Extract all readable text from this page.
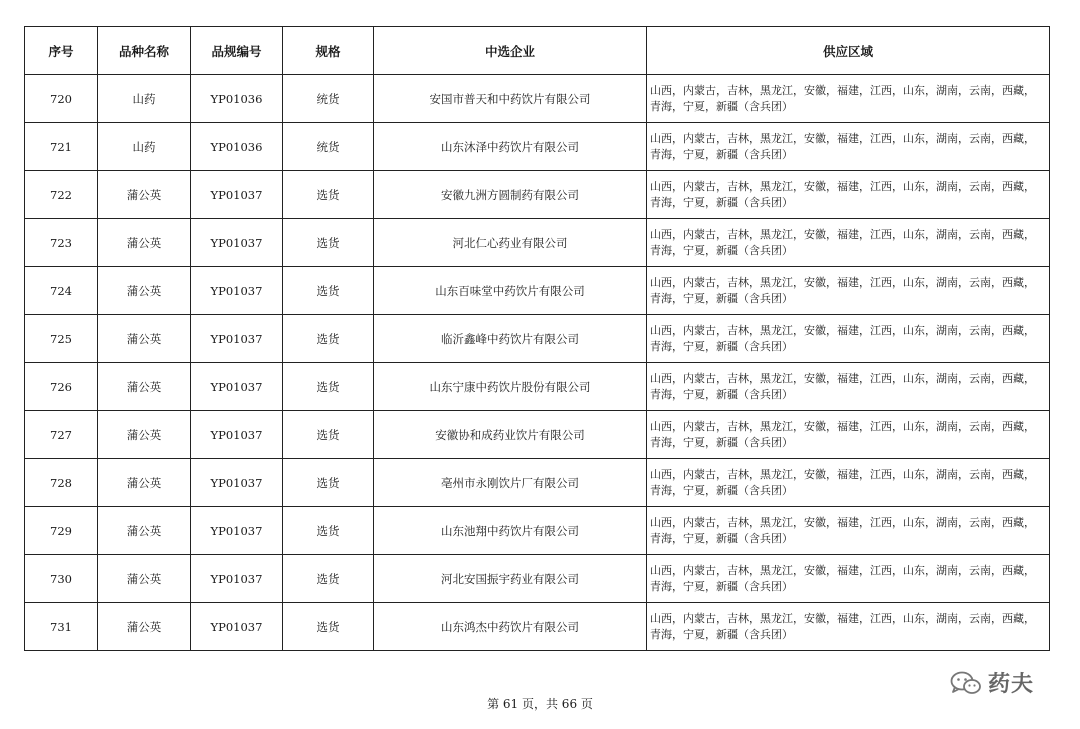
序号	品种名称	品规编号	规格	中选企业	供应区域
720	山药	YP01036	统货	安国市普天和中药饮片有限公司	山西，内蒙古，吉林，黑龙江，安徽，福建，江西，山东，湖南，云南，西藏，青海，宁夏，新疆（含兵团）
721	山药	YP01036	统货	山东沐泽中药饮片有限公司	山西，内蒙古，吉林，黑龙江，安徽，福建，江西，山东，湖南，云南，西藏，青海，宁夏，新疆（含兵团）
722	蒲公英	YP01037	选货	安徽九洲方圆制药有限公司	山西，内蒙古，吉林，黑龙江，安徽，福建，江西，山东，湖南，云南，西藏，青海，宁夏，新疆（含兵团）
723	蒲公英	YP01037	选货	河北仁心药业有限公司	山西，内蒙古，吉林，黑龙江，安徽，福建，江西，山东，湖南，云南，西藏，青海，宁夏，新疆（含兵团）
724	蒲公英	YP01037	选货	山东百味堂中药饮片有限公司	山西，内蒙古，吉林，黑龙江，安徽，福建，江西，山东，湖南，云南，西藏，青海，宁夏，新疆（含兵团）
725	蒲公英	YP01037	选货	临沂鑫峰中药饮片有限公司	山西，内蒙古，吉林，黑龙江，安徽，福建，江西，山东，湖南，云南，西藏，青海，宁夏，新疆（含兵团）
726	蒲公英	YP01037	选货	山东宁康中药饮片股份有限公司	山西，内蒙古，吉林，黑龙江，安徽，福建，江西，山东，湖南，云南，西藏，青海，宁夏，新疆（含兵团）
727	蒲公英	YP01037	选货	安徽协和成药业饮片有限公司	山西，内蒙古，吉林，黑龙江，安徽，福建，江西，山东，湖南，云南，西藏，青海，宁夏，新疆（含兵团）
728	蒲公英	YP01037	选货	亳州市永刚饮片厂有限公司	山西，内蒙古，吉林，黑龙江，安徽，福建，江西，山东，湖南，云南，西藏，青海，宁夏，新疆（含兵团）
729	蒲公英	YP01037	选货	山东池翔中药饮片有限公司	山西，内蒙古，吉林，黑龙江，安徽，福建，江西，山东，湖南，云南，西藏，青海，宁夏，新疆（含兵团）
730	蒲公英	YP01037	选货	河北安国振宇药业有限公司	山西，内蒙古，吉林，黑龙江，安徽，福建，江西，山东，湖南，云南，西藏，青海，宁夏，新疆（含兵团）
731	蒲公英	YP01037	选货	山东鸿杰中药饮片有限公司	山西，内蒙古，吉林，黑龙江，安徽，福建，江西，山东，湖南，云南，西藏，青海，宁夏，新疆（含兵团）
药夫
第 61 页，共 66 页
